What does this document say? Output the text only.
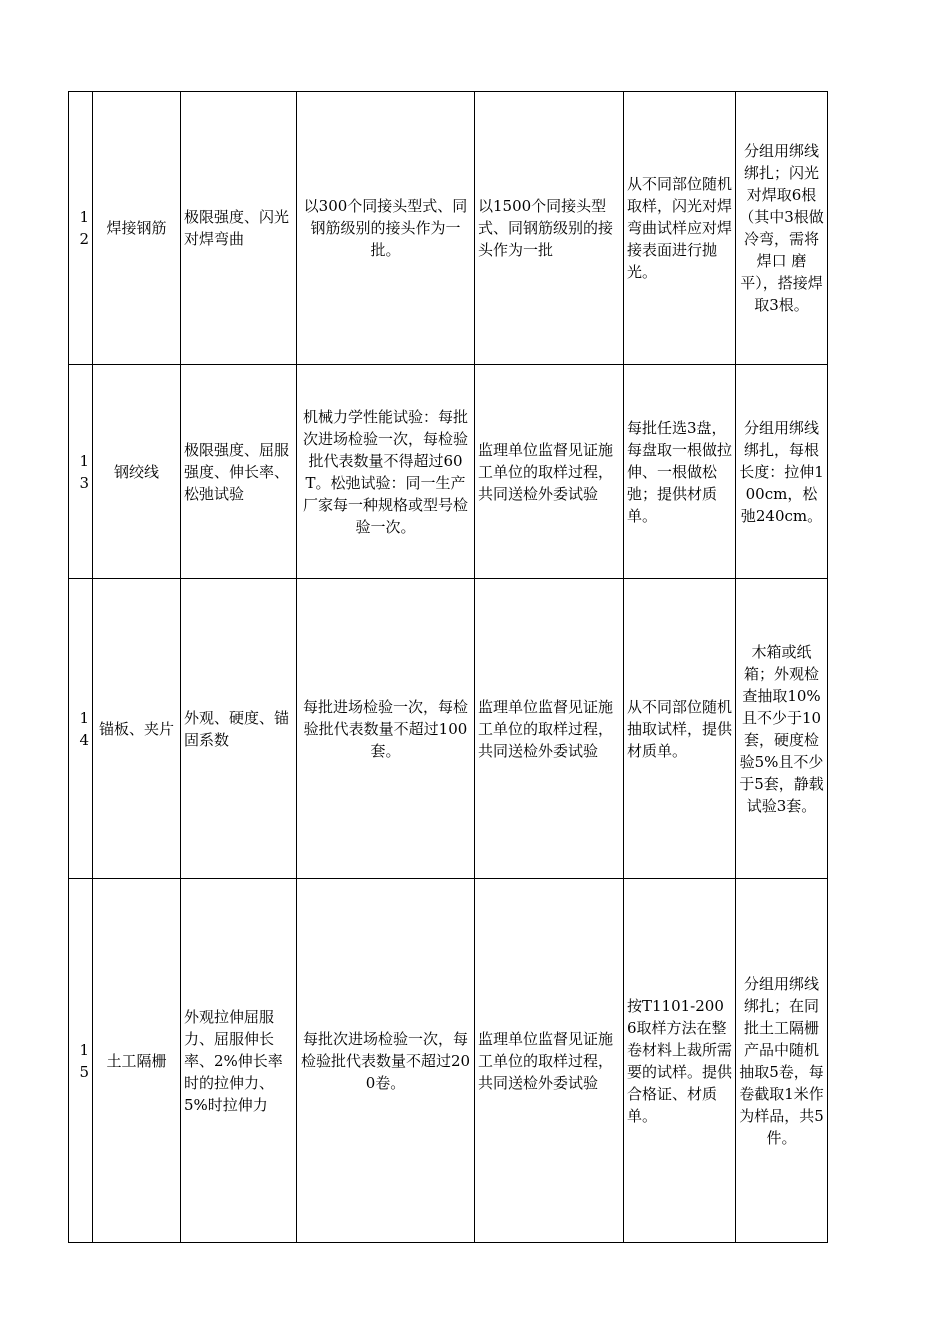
12	焊接钢筋	极限强度、闪光对焊弯曲	以300个同接头型式、同钢筋级别的接头作为一批。	以1500个同接头型式、同钢筋级别的接头作为一批	从不同部位随机取样，闪光对焊弯曲试样应对焊接表面进行抛光。	分组用绑线绑扎；闪光对焊取6根（其中3根做冷弯，需将焊口 磨平），搭接焊取3根。
13	钢绞线	极限强度、屈服强度、伸长率、松弛试验	机械力学性能试验：每批次进场检验一次，每检验批代表数量不得超过60T。松弛试验：同一生产厂家每一种规格或型号检验一次。	监理单位监督见证施工单位的取样过程，共同送检外委试验	每批任选3盘，每盘取一根做拉伸、一根做松弛；提供材质单。	分组用绑线绑扎，每根长度：拉伸100cm，松弛240cm。
14	锚板、夹片	外观、硬度、锚固系数	每批进场检验一次，每检验批代表数量不超过100套。	监理单位监督见证施工单位的取样过程，共同送检外委试验	从不同部位随机抽取试样，提供材质单。	木箱或纸箱；外观检查抽取10%且不少于10套，硬度检验5%且不少于5套，静载试验3套。
15	土工隔栅	外观拉伸屈服力、屈服伸长率、2%伸长率时的拉伸力、5%时拉伸力	每批次进场检验一次，每检验批代表数量不超过200卷。	监理单位监督见证施工单位的取样过程，共同送检外委试验	按T1101-2006取样方法在整卷材料上裁所需要的试样。提供合格证、材质单。	分组用绑线绑扎；在同批土工隔栅产品中随机抽取5卷，每卷截取1米作为样品，共5件。
